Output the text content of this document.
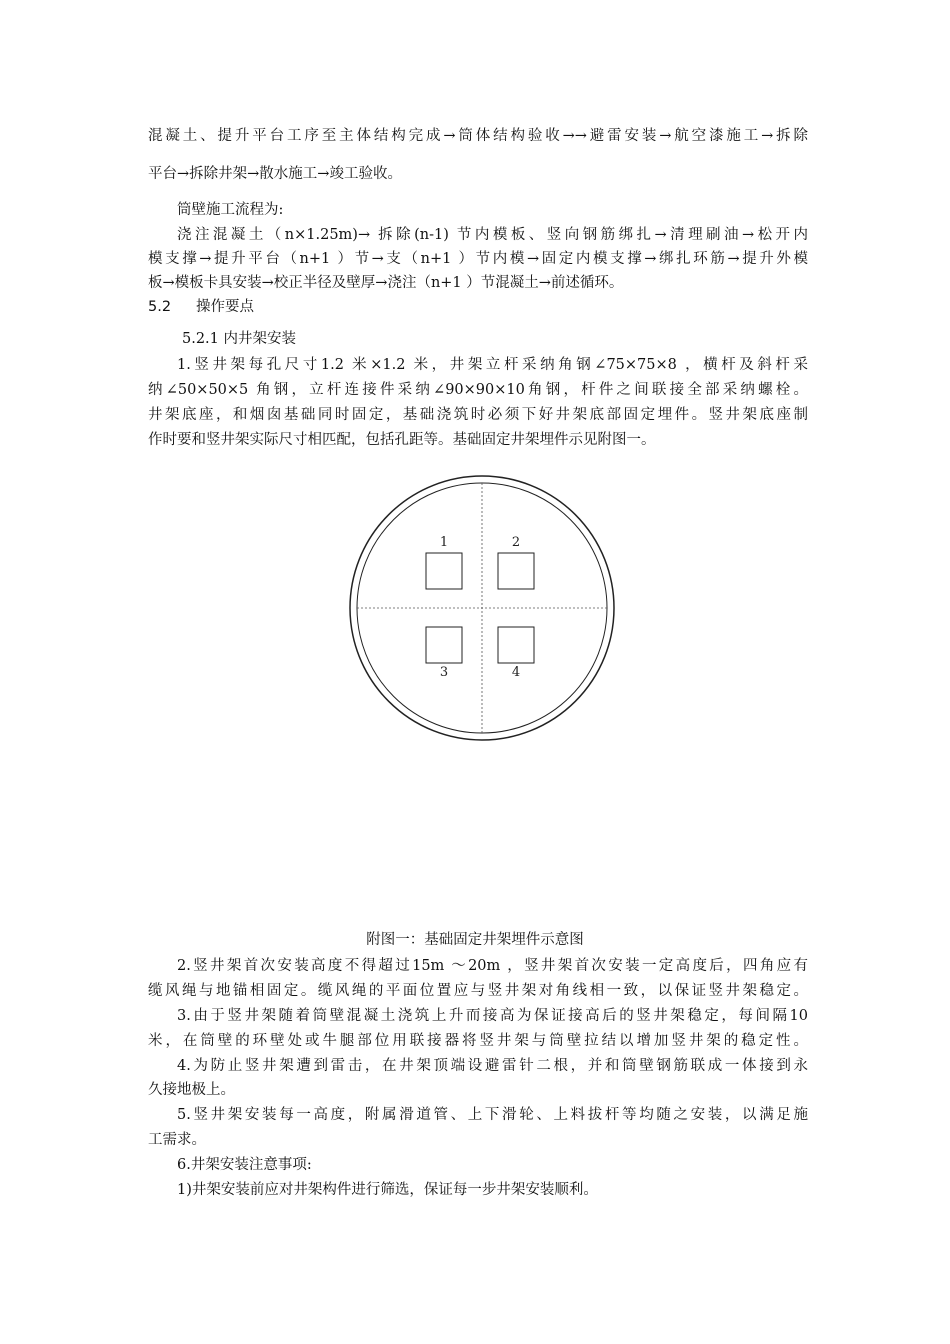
混凝土、提升平台工序至主体结构完成→筒体结构验收→→避雷安装→航空漆施工→拆除
平台→拆除井架→散水施工→竣工验收。
筒壁施工流程为:
浇注混凝土（n×1.25m)→ 拆除(n-1) 节内模板、竖向钢筋绑扎→清理刷油→松开内
模支撑→提升平台（n+1 ）节→支（n+1 ）节内模→固定内模支撑→绑扎环筋→提升外模
板→模板卡具安装→校正半径及壁厚→浇注（n+1 ）节混凝土→前述循环。
5.2 操作要点
5.2.1 内井架安装
1.竖井架每孔尺寸1.2 米×1.2 米，井架立杆采纳角钢∠75×75×8 ，横杆及斜杆采
纳∠50×50×5 角钢，立杆连接件采纳∠90×90×10角钢，杆件之间联接全部采纳螺栓。
井架底座，和烟囱基础同时固定，基础浇筑时必须下好井架底部固定埋件。竖井架底座制
作时要和竖井架实际尺寸相匹配，包括孔距等。基础固定井架埋件示见附图一。
1	2
3	4
附图一：基础固定井架埋件示意图
2.竖井架首次安装高度不得超过15m ～20m ，竖井架首次安装一定高度后，四角应有
缆风绳与地锚相固定。缆风绳的平面位置应与竖井架对角线相一致，以保证竖井架稳定。
3.由于竖井架随着筒壁混凝土浇筑上升而接高为保证接高后的竖井架稳定，每间隔10
米，在筒壁的环壁处或牛腿部位用联接器将竖井架与筒壁拉结以增加竖井架的稳定性。
4.为防止竖井架遭到雷击，在井架顶端设避雷针二根，并和筒壁钢筋联成一体接到永
久接地极上。
5.竖井架安装每一高度，附属滑道管、上下滑轮、上料拔杆等均随之安装，以满足施
工需求。
6.井架安装注意事项:
1)井架安装前应对井架构件进行筛选，保证每一步井架安装顺利。
